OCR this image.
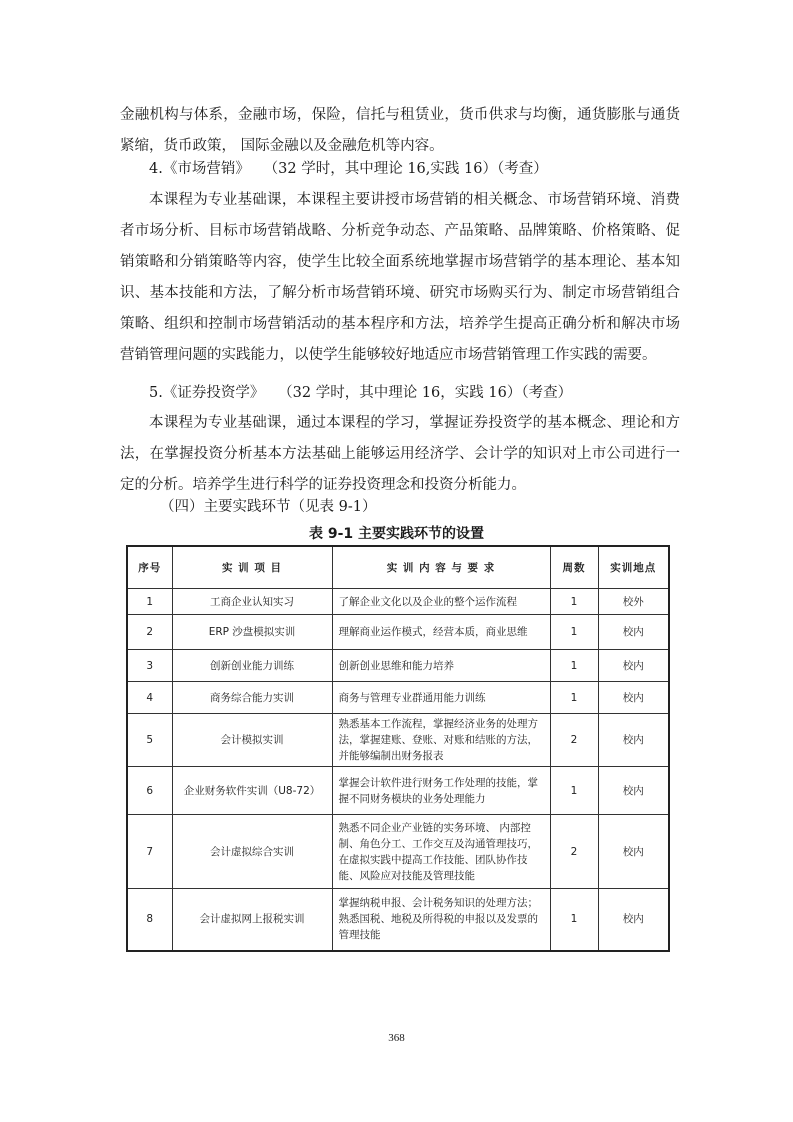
金融机构与体系，金融市场，保险，信托与租赁业，货币供求与均衡，通货膨胀与通货紧缩，货币政策， 国际金融以及金融危机等内容。
4.《市场营销》   （32 学时，其中理论 16,实践 16）（考查）
本课程为专业基础课，本课程主要讲授市场营销的相关概念、市场营销环境、消费者市场分析、目标市场营销战略、分析竞争动态、产品策略、品牌策略、价格策略、促销策略和分销策略等内容，使学生比较全面系统地掌握市场营销学的基本理论、基本知识、基本技能和方法，了解分析市场营销环境、研究市场购买行为、制定市场营销组合策略、组织和控制市场营销活动的基本程序和方法，培养学生提高正确分析和解决市场营销管理问题的实践能力，以使学生能够较好地适应市场营销管理工作实践的需要。
5.《证券投资学》   （32 学时，其中理论 16，实践 16）（考查）
本课程为专业基础课，通过本课程的学习，掌握证券投资学的基本概念、理论和方法，在掌握投资分析基本方法基础上能够运用经济学、会计学的知识对上市公司进行一定的分析。培养学生进行科学的证券投资理念和投资分析能力。
（四）主要实践环节（见表 9-1）
表 9-1 主要实践环节的设置
序号	实 训 项 目	实 训 内 容 与 要 求	周数	实训地点
1	工商企业认知实习	了解企业文化以及企业的整个运作流程	1	校外
2	ERP 沙盘模拟实训	理解商业运作模式，经营本质，商业思维	1	校内
3	创新创业能力训练	创新创业思维和能力培养	1	校内
4	商务综合能力实训	商务与管理专业群通用能力训练	1	校内
5	会计模拟实训	熟悉基本工作流程，掌握经济业务的处理方法，掌握建账、登账、对账和结账的方法，并能够编制出财务报表	2	校内
6	企业财务软件实训（U8-72）	掌握会计软件进行财务工作处理的技能，掌握不同财务模块的业务处理能力	1	校内
7	会计虚拟综合实训	熟悉不同企业产业链的实务环境、 内部控制、角色分工、工作交互及沟通管理技巧，在虚拟实践中提高工作技能、团队协作技能、风险应对技能及管理技能	2	校内
8	会计虚拟网上报税实训	掌握纳税申报、会计税务知识的处理方法；熟悉国税、地税及所得税的申报以及发票的管理技能	1	校内
368
